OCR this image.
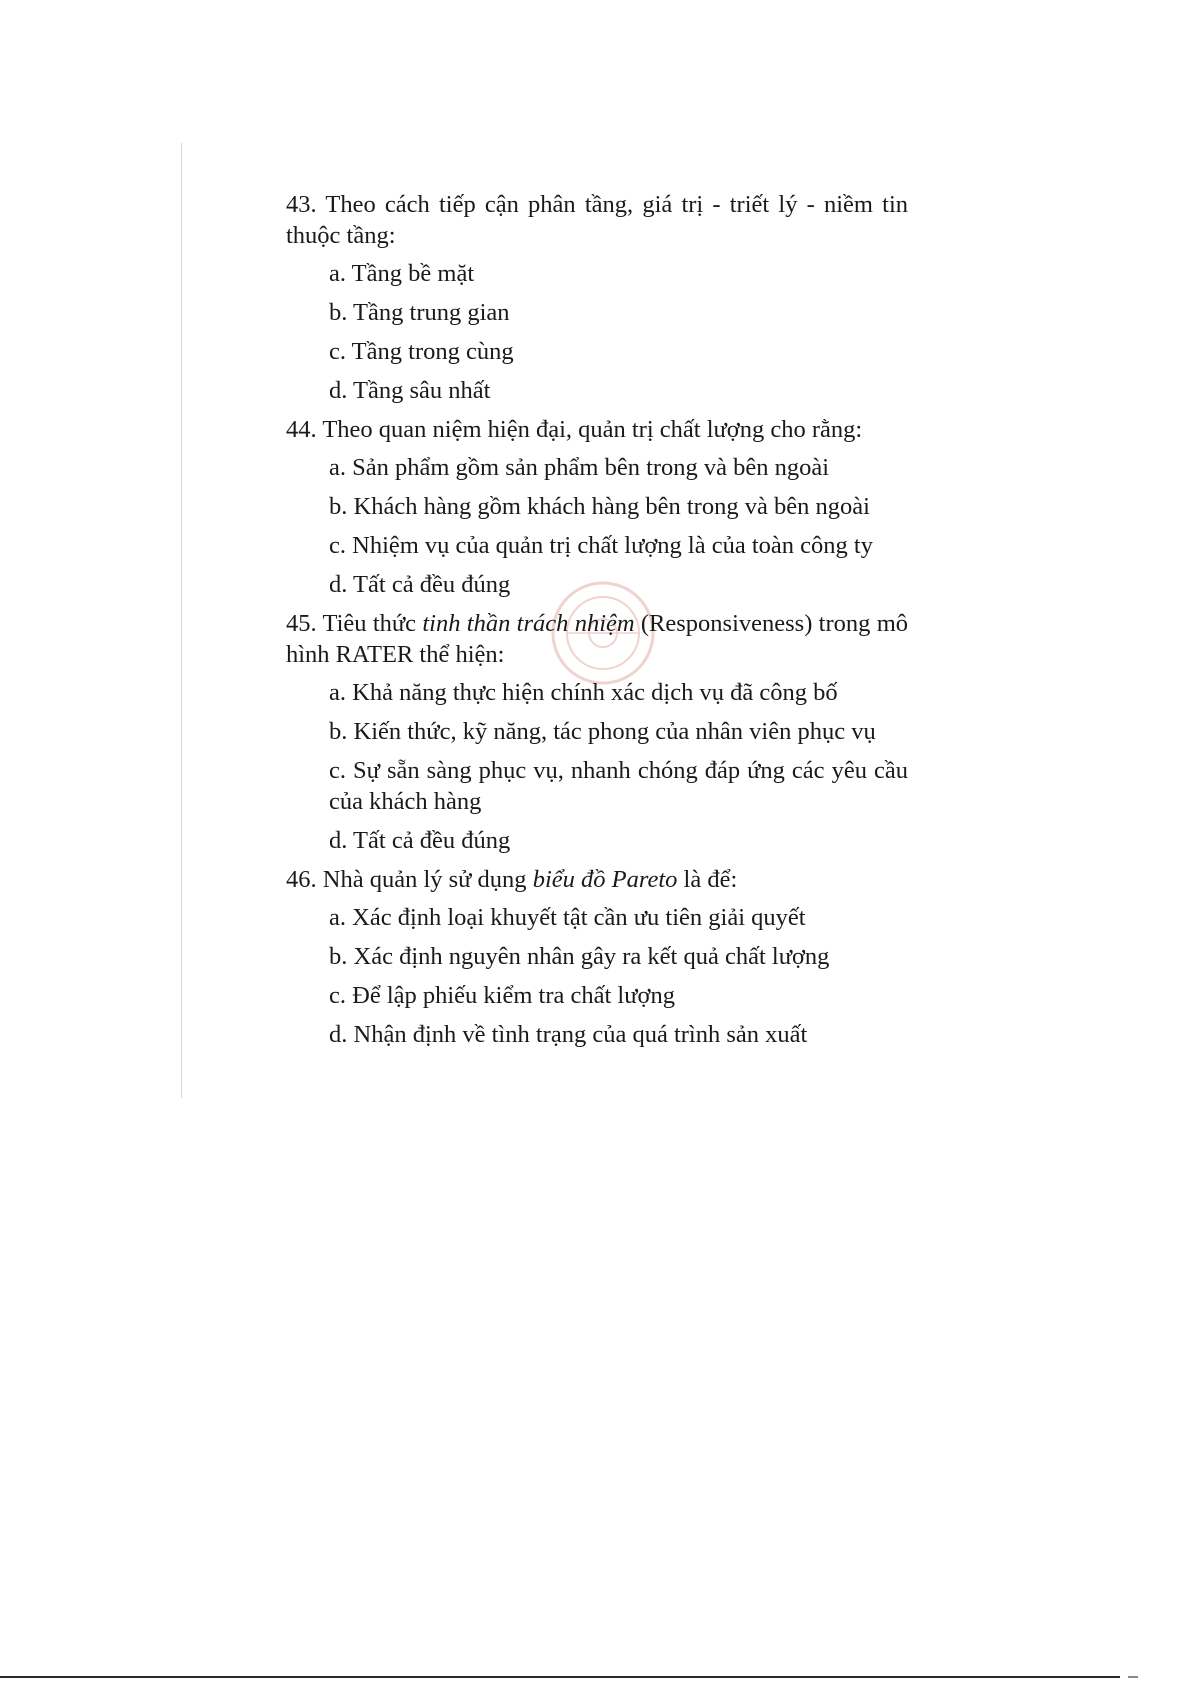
43. Theo cách tiếp cận phân tầng, giá trị - triết lý - niềm tin thuộc tầng:
a. Tầng bề mặt
b. Tầng trung gian
c. Tầng trong cùng
d. Tầng sâu nhất
44. Theo quan niệm hiện đại, quản trị chất lượng cho rằng:
a. Sản phẩm gồm sản phẩm bên trong và bên ngoài
b. Khách hàng gồm khách hàng bên trong và bên ngoài
c. Nhiệm vụ của quản trị chất lượng là của toàn công ty
d. Tất cả đều đúng
45. Tiêu thức tinh thần trách nhiệm (Responsiveness) trong mô hình RATER thể hiện:
a. Khả năng thực hiện chính xác dịch vụ đã công bố
b. Kiến thức, kỹ năng, tác phong của nhân viên phục vụ
c. Sự sẵn sàng phục vụ, nhanh chóng đáp ứng các yêu cầu của khách hàng
d. Tất cả đều đúng
46. Nhà quản lý sử dụng biểu đồ Pareto là để:
a. Xác định loại khuyết tật cần ưu tiên giải quyết
b. Xác định nguyên nhân gây ra kết quả chất lượng
c. Để lập phiếu kiểm tra chất lượng
d. Nhận định về tình trạng của quá trình sản xuất
